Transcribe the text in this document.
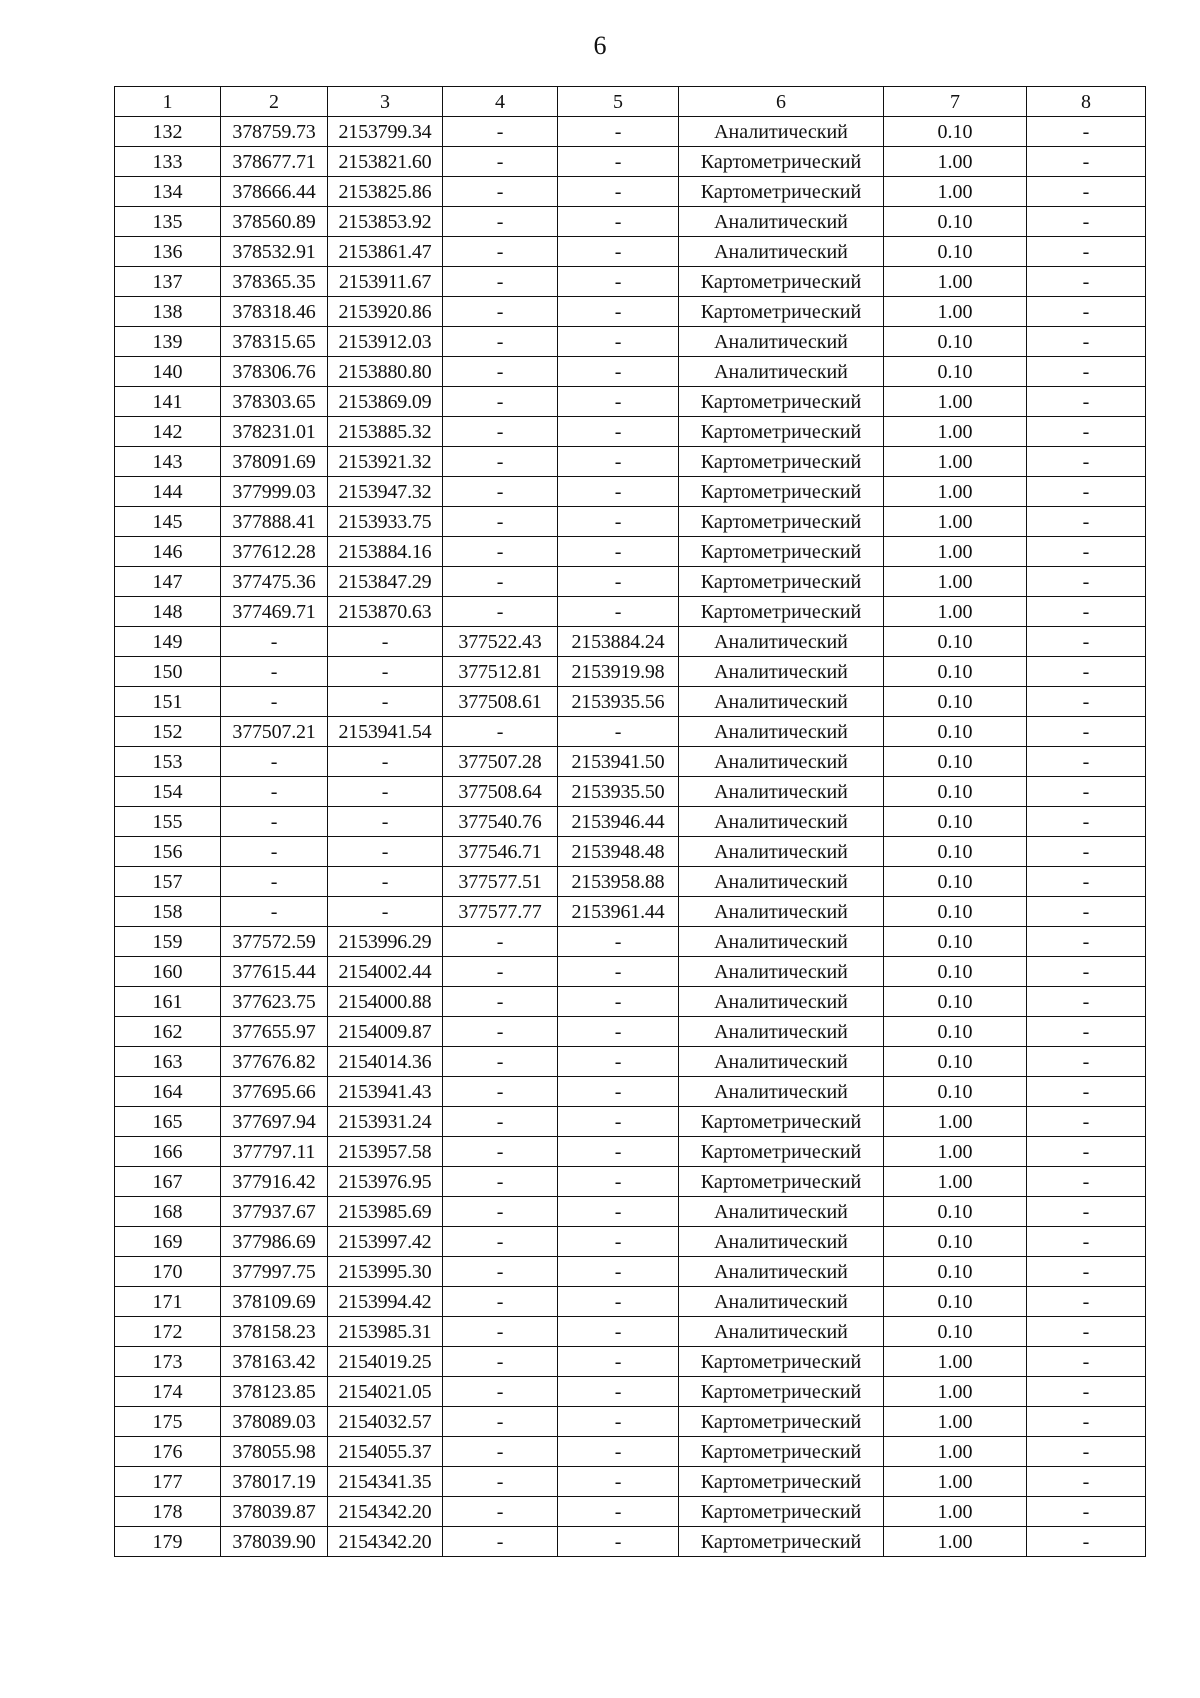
6
1	2	3	4	5	6	7	8
132	378759.73	2153799.34	-	-	Аналитический	0.10	-
133	378677.71	2153821.60	-	-	Картометрический	1.00	-
134	378666.44	2153825.86	-	-	Картометрический	1.00	-
135	378560.89	2153853.92	-	-	Аналитический	0.10	-
136	378532.91	2153861.47	-	-	Аналитический	0.10	-
137	378365.35	2153911.67	-	-	Картометрический	1.00	-
138	378318.46	2153920.86	-	-	Картометрический	1.00	-
139	378315.65	2153912.03	-	-	Аналитический	0.10	-
140	378306.76	2153880.80	-	-	Аналитический	0.10	-
141	378303.65	2153869.09	-	-	Картометрический	1.00	-
142	378231.01	2153885.32	-	-	Картометрический	1.00	-
143	378091.69	2153921.32	-	-	Картометрический	1.00	-
144	377999.03	2153947.32	-	-	Картометрический	1.00	-
145	377888.41	2153933.75	-	-	Картометрический	1.00	-
146	377612.28	2153884.16	-	-	Картометрический	1.00	-
147	377475.36	2153847.29	-	-	Картометрический	1.00	-
148	377469.71	2153870.63	-	-	Картометрический	1.00	-
149	-	-	377522.43	2153884.24	Аналитический	0.10	-
150	-	-	377512.81	2153919.98	Аналитический	0.10	-
151	-	-	377508.61	2153935.56	Аналитический	0.10	-
152	377507.21	2153941.54	-	-	Аналитический	0.10	-
153	-	-	377507.28	2153941.50	Аналитический	0.10	-
154	-	-	377508.64	2153935.50	Аналитический	0.10	-
155	-	-	377540.76	2153946.44	Аналитический	0.10	-
156	-	-	377546.71	2153948.48	Аналитический	0.10	-
157	-	-	377577.51	2153958.88	Аналитический	0.10	-
158	-	-	377577.77	2153961.44	Аналитический	0.10	-
159	377572.59	2153996.29	-	-	Аналитический	0.10	-
160	377615.44	2154002.44	-	-	Аналитический	0.10	-
161	377623.75	2154000.88	-	-	Аналитический	0.10	-
162	377655.97	2154009.87	-	-	Аналитический	0.10	-
163	377676.82	2154014.36	-	-	Аналитический	0.10	-
164	377695.66	2153941.43	-	-	Аналитический	0.10	-
165	377697.94	2153931.24	-	-	Картометрический	1.00	-
166	377797.11	2153957.58	-	-	Картометрический	1.00	-
167	377916.42	2153976.95	-	-	Картометрический	1.00	-
168	377937.67	2153985.69	-	-	Аналитический	0.10	-
169	377986.69	2153997.42	-	-	Аналитический	0.10	-
170	377997.75	2153995.30	-	-	Аналитический	0.10	-
171	378109.69	2153994.42	-	-	Аналитический	0.10	-
172	378158.23	2153985.31	-	-	Аналитический	0.10	-
173	378163.42	2154019.25	-	-	Картометрический	1.00	-
174	378123.85	2154021.05	-	-	Картометрический	1.00	-
175	378089.03	2154032.57	-	-	Картометрический	1.00	-
176	378055.98	2154055.37	-	-	Картометрический	1.00	-
177	378017.19	2154341.35	-	-	Картометрический	1.00	-
178	378039.87	2154342.20	-	-	Картометрический	1.00	-
179	378039.90	2154342.20	-	-	Картометрический	1.00	-
